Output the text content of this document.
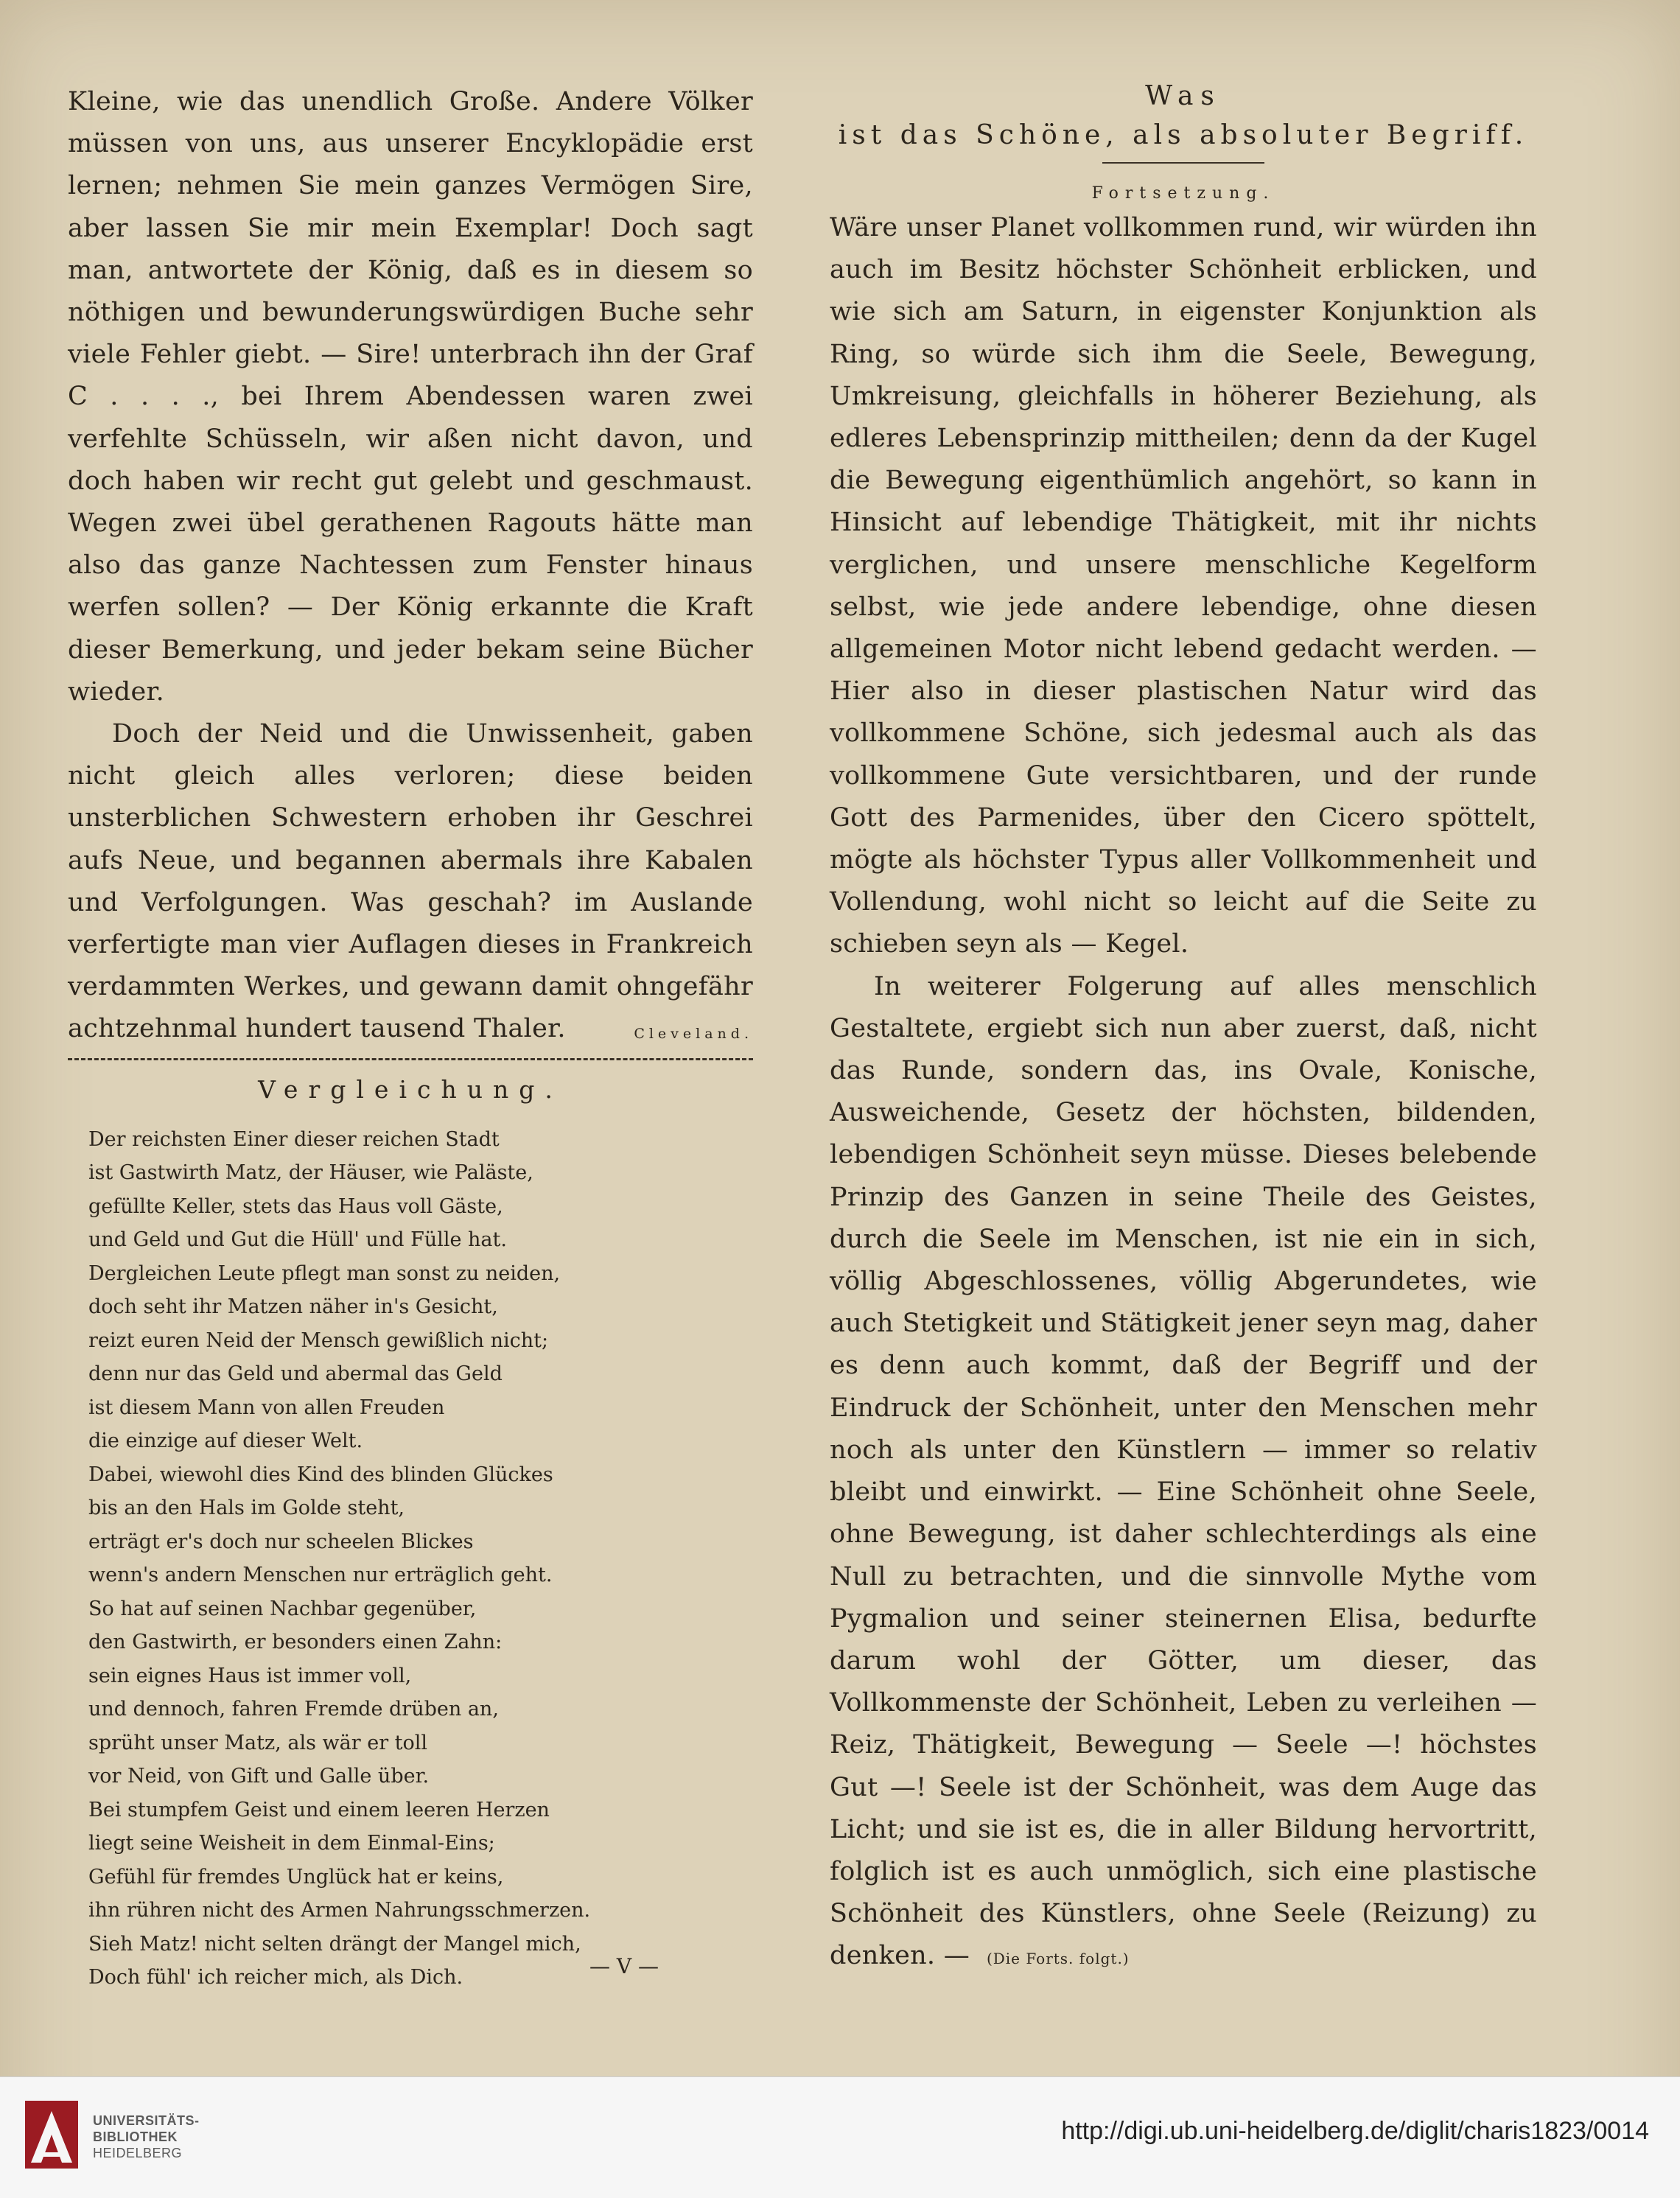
Kleine, wie das unendlich Große. Andere Völker müssen von uns, aus unserer Encyklopädie erst lernen; nehmen Sie mein ganzes Vermögen Sire, aber lassen Sie mir mein Exemplar! Doch sagt man, antwortete der König, daß es in diesem so nöthigen und bewunderungswürdigen Buche sehr viele Fehler giebt. — Sire! unterbrach ihn der Graf C . . . ., bei Ihrem Abendessen waren zwei verfehlte Schüsseln, wir aßen nicht davon, und doch haben wir recht gut gelebt und geschmaust. Wegen zwei übel gerathenen Ragouts hätte man also das ganze Nachtessen zum Fenster hinaus werfen sollen? — Der König erkannte die Kraft dieser Bemerkung, und jeder bekam seine Bücher wieder.

Doch der Neid und die Unwissenheit, gaben nicht gleich alles verloren; diese beiden unsterblichen Schwestern erhoben ihr Geschrei aufs Neue, und begannen abermals ihre Kabalen und Verfolgungen. Was geschah? im Auslande verfertigte man vier Auflagen dieses in Frankreich verdammten Werkes, und gewann damit ohngefähr achtzehnmal hundert tausend Thaler.	Cleveland.

Vergleichung.
Der reichsten Einer dieser reichen Stadt
ist Gastwirth Matz, der Häuser, wie Paläste,
gefüllte Keller, stets das Haus voll Gäste,
und Geld und Gut die Hüll' und Fülle hat.
Dergleichen Leute pflegt man sonst zu neiden,
doch seht ihr Matzen näher in's Gesicht,
reizt euren Neid der Mensch gewißlich nicht;
denn nur das Geld und abermal das Geld
ist diesem Mann von allen Freuden
die einzige auf dieser Welt.
Dabei, wiewohl dies Kind des blinden Glückes
bis an den Hals im Golde steht,
erträgt er's doch nur scheelen Blickes
wenn's andern Menschen nur erträglich geht.
So hat auf seinen Nachbar gegenüber,
den Gastwirth, er besonders einen Zahn:
sein eignes Haus ist immer voll,
und dennoch, fahren Fremde drüben an,
sprüht unser Matz, als wär er toll
vor Neid, von Gift und Galle über.
Bei stumpfem Geist und einem leeren Herzen
liegt seine Weisheit in dem Einmal-Eins;
Gefühl für fremdes Unglück hat er keins,
ihn rühren nicht des Armen Nahrungsschmerzen.
Sieh Matz! nicht selten drängt der Mangel mich,
Doch fühl' ich reicher mich, als Dich.	— V —
Was
ist das Schöne, als absoluter Begriff.
Fortsetzung.

Wäre unser Planet vollkommen rund, wir würden ihn auch im Besitz höchster Schönheit erblicken, und wie sich am Saturn, in eigenster Konjunktion als Ring, so würde sich ihm die Seele, Bewegung, Umkreisung, gleichfalls in höherer Beziehung, als edleres Lebensprinzip mittheilen; denn da der Kugel die Bewegung eigenthümlich angehört, so kann in Hinsicht auf lebendige Thätigkeit, mit ihr nichts verglichen, und unsere menschliche Kegelform selbst, wie jede andere lebendige, ohne diesen allgemeinen Motor nicht lebend gedacht werden. — Hier also in dieser plastischen Natur wird das vollkommene Schöne, sich jedesmal auch als das vollkommene Gute versichtbaren, und der runde Gott des Parmenides, über den Cicero spöttelt, mögte als höchster Typus aller Vollkommenheit und Vollendung, wohl nicht so leicht auf die Seite zu schieben seyn als — Kegel.

In weiterer Folgerung auf alles menschlich Gestaltete, ergiebt sich nun aber zuerst, daß, nicht das Runde, sondern das, ins Ovale, Konische, Ausweichende, Gesetz der höchsten, bildenden, lebendigen Schönheit seyn müsse. Dieses belebende Prinzip des Ganzen in seine Theile des Geistes, durch die Seele im Menschen, ist nie ein in sich, völlig Abgeschlossenes, völlig Abgerundetes, wie auch Stetigkeit und Stätigkeit jener seyn mag, daher es denn auch kommt, daß der Begriff und der Eindruck der Schönheit, unter den Menschen mehr noch als unter den Künstlern — immer so relativ bleibt und einwirkt. — Eine Schönheit ohne Seele, ohne Bewegung, ist daher schlechterdings als eine Null zu betrachten, und die sinnvolle Mythe vom Pygmalion und seiner steinernen Elisa, bedurfte darum wohl der Götter, um dieser, das Vollkommenste der Schönheit, Leben zu verleihen — Reiz, Thätigkeit, Bewegung — Seele —! höchstes Gut —! Seele ist der Schönheit, was dem Auge das Licht; und sie ist es, die in aller Bildung hervortritt, folglich ist es auch unmöglich, sich eine plastische Schönheit des Künstlers, ohne Seele (Reizung) zu denken. — (Die Forts. folgt.)

UNIVERSITÄTS-
BIBLIOTHEK
HEIDELBERG
http://digi.ub.uni-heidelberg.de/diglit/charis1823/0014
